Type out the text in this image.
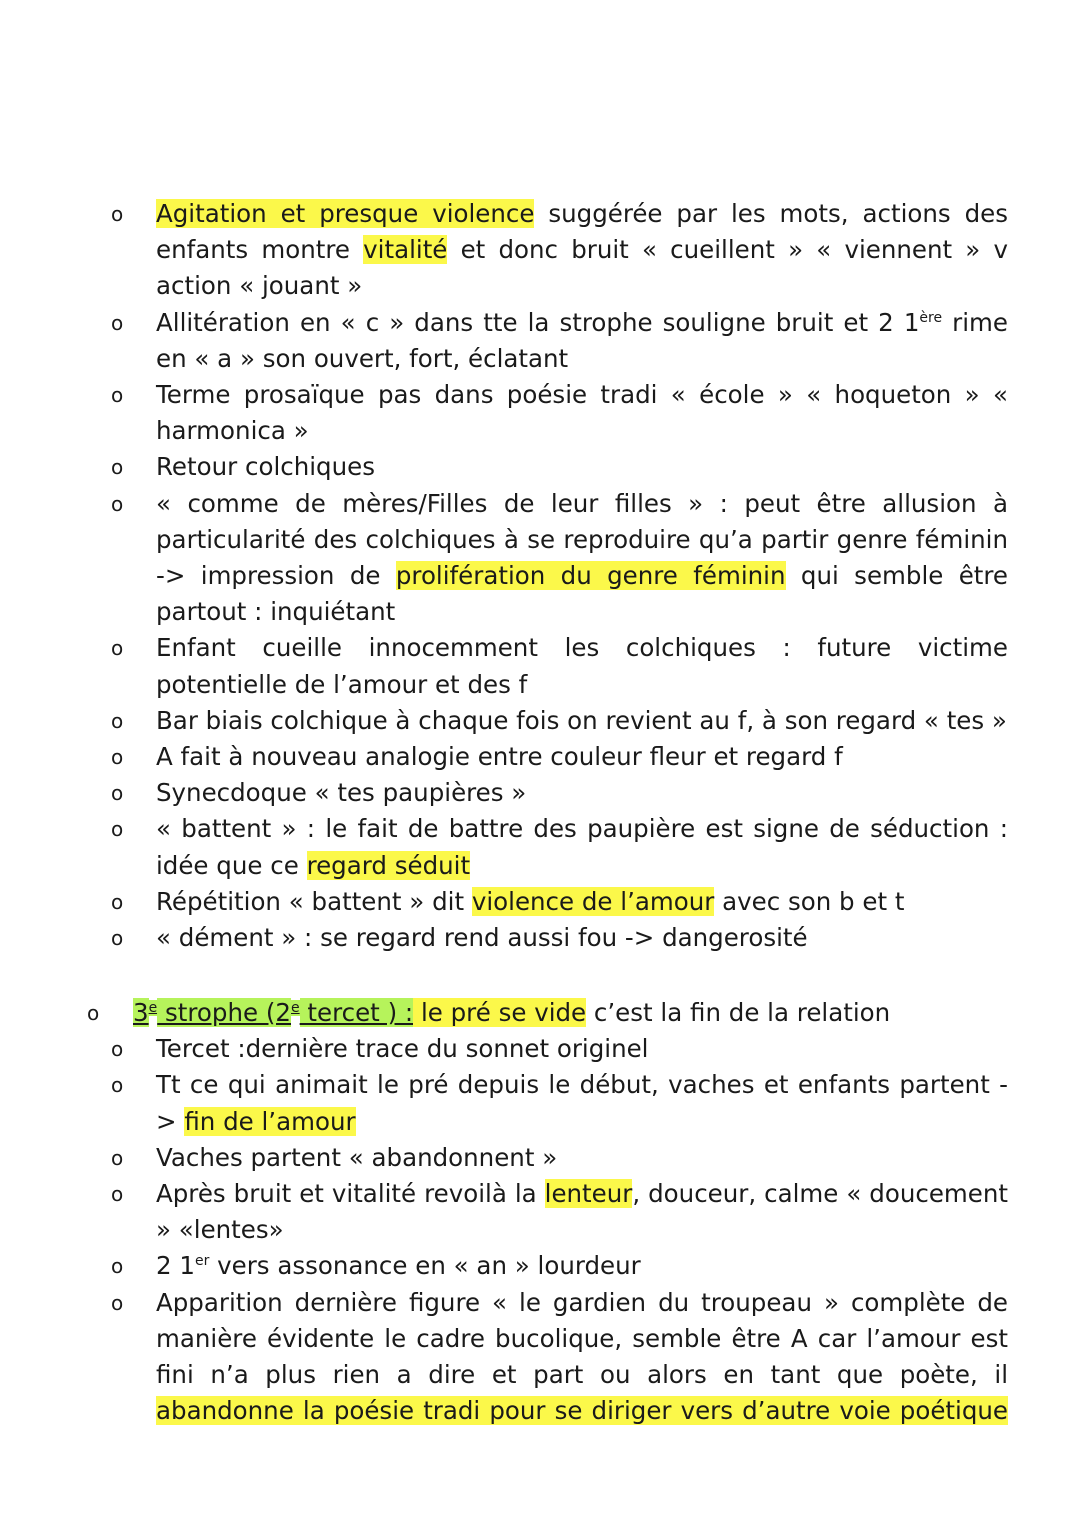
o Agitation et presque violence suggérée par les mots, actions des enfants montre vitalité et donc bruit « cueillent » « viennent » v action « jouant »

o Allitération en « c » dans tte la strophe souligne bruit et 2 1ère rime en « a » son ouvert, fort, éclatant

o Terme prosaïque pas dans poésie tradi « école » « hoqueton » « harmonica »

o Retour colchiques

o « comme de mères/Filles de leur filles » : peut être allusion à particularité des colchiques à se reproduire qu’a partir genre féminin -> impression de prolifération du genre féminin qui semble être partout : inquiétant

o Enfant cueille innocemment les colchiques : future victime potentielle de l’amour et des f

o Bar biais colchique à chaque fois on revient au f, à son regard « tes »

o A fait à nouveau analogie entre couleur fleur et regard f

o Synecdoque « tes paupières »

o « battent » : le fait de battre des paupière est signe de séduction : idée que ce regard séduit

o Répétition « battent » dit violence de l’amour avec son b et t

o « dément » : se regard rend aussi fou -> dangerosité

o 3e strophe (2e tercet ) : le pré se vide c’est la fin de la relation

o Tercet :dernière trace du sonnet originel

o Tt ce qui animait le pré depuis le début, vaches et enfants partent -> fin de l’amour

o Vaches partent « abandonnent »

o Après bruit et vitalité revoilà la lenteur, douceur, calme « doucement » «lentes»

o 2 1er vers assonance en « an » lourdeur

o Apparition dernière figure « le gardien du troupeau » complète de manière évidente le cadre bucolique, semble être A car l’amour est fini n’a plus rien a dire et part ou alors en tant que poète, il abandonne la poésie tradi pour se diriger vers d’autre voie poétique
